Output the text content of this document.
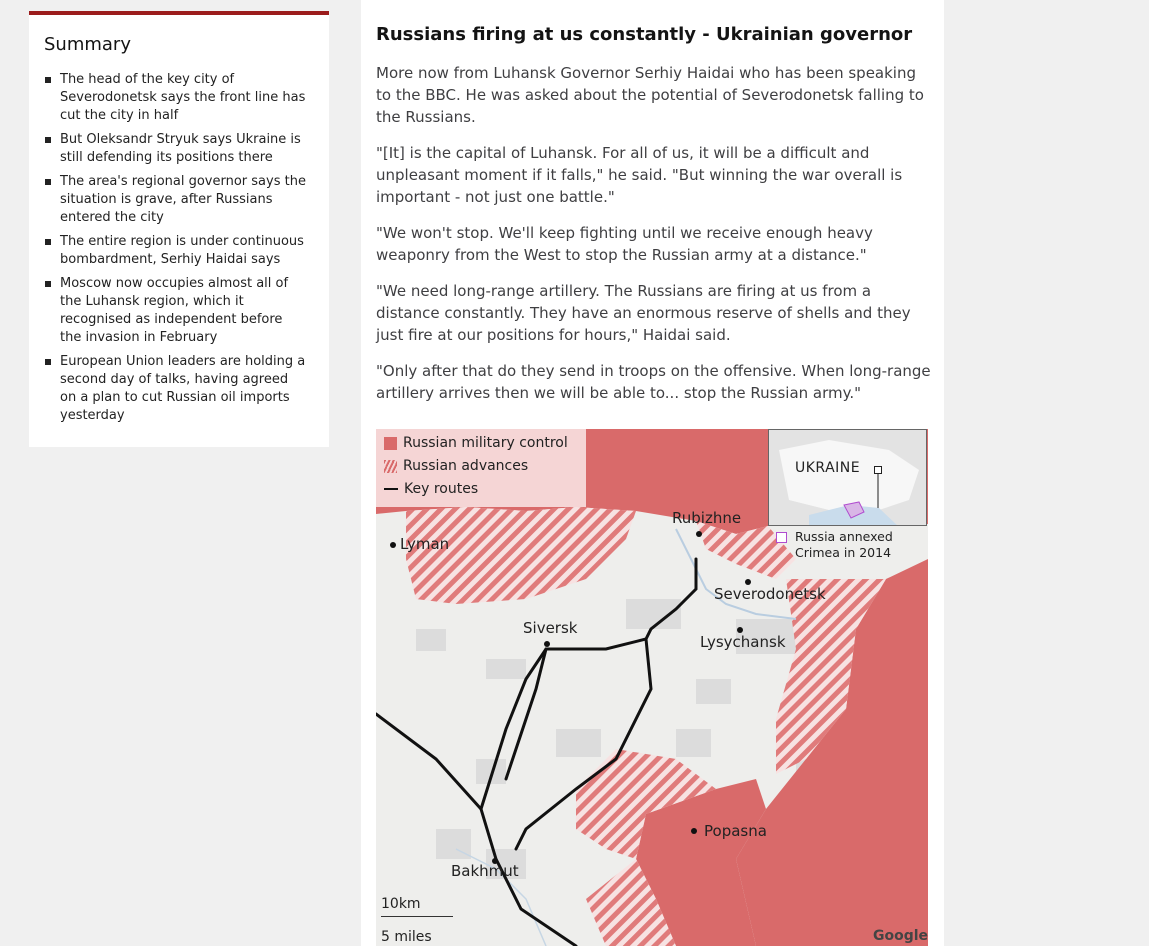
Summary
The head of the key city of Severodonetsk says the front line has cut the city in half
But Oleksandr Stryuk says Ukraine is still defending its positions there
The area's regional governor says the situation is grave, after Russians entered the city
The entire region is under continuous bombardment, Serhiy Haidai says
Moscow now occupies almost all of the Luhansk region, which it recognised as independent before the invasion in February
European Union leaders are holding a second day of talks, having agreed on a plan to cut Russian oil imports yesterday
Russians firing at us constantly - Ukrainian governor

More now from Luhansk Governor Serhiy Haidai who has been speaking to the BBC. He was asked about the potential of Severodonetsk falling to the Russians.

"[It] is the capital of Luhansk. For all of us, it will be a difficult and unpleasant moment if it falls," he said. "But winning the war overall is important - not just one battle."

"We won't stop. We'll keep fighting until we receive enough heavy weaponry from the West to stop the Russian army at a distance."

"We need long-range artillery. The Russians are firing at us from a distance constantly. They have an enormous reserve of shells and they just fire at our positions for hours," Haidai said.

"Only after that do they send in troops on the offensive. When long-range artillery arrives then we will be able to... stop the Russian army."

Russian military control
Russian advances
Key routes
UKRAINE
Russia annexed
Crimea in 2014
Lyman
Rubizhne
Severodonetsk
Siversk
Lysychansk
Popasna
Bakhmut
10km
5 miles	Google
